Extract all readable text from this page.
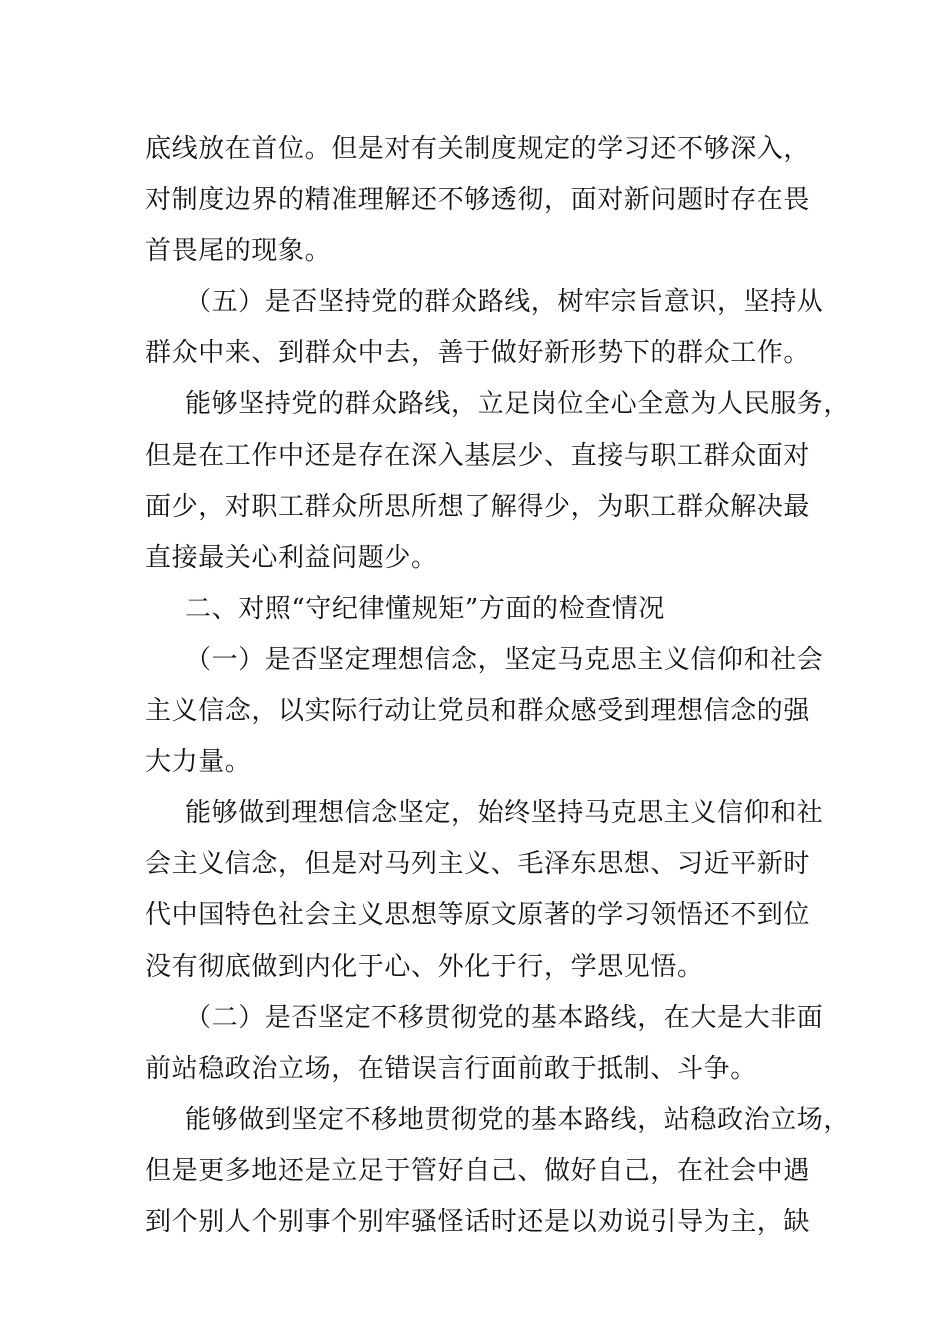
底线放在首位。但是对有关制度规定的学习还不够深入，
对制度边界的精准理解还不够透彻，面对新问题时存在畏
首畏尾的现象。
（五）是否坚持党的群众路线，树牢宗旨意识，坚持从
群众中来、到群众中去，善于做好新形势下的群众工作。
能够坚持党的群众路线，立足岗位全心全意为人民服务，
但是在工作中还是存在深入基层少、直接与职工群众面对
面少，对职工群众所思所想了解得少，为职工群众解决最
直接最关心利益问题少。
二、对照“守纪律懂规矩”方面的检查情况
（一）是否坚定理想信念，坚定马克思主义信仰和社会
主义信念，以实际行动让党员和群众感受到理想信念的强
大力量。
能够做到理想信念坚定，始终坚持马克思主义信仰和社
会主义信念，但是对马列主义、毛泽东思想、习近平新时
代中国特色社会主义思想等原文原著的学习领悟还不到位
没有彻底做到内化于心、外化于行，学思见悟。
（二）是否坚定不移贯彻党的基本路线，在大是大非面
前站稳政治立场，在错误言行面前敢于抵制、斗争。
能够做到坚定不移地贯彻党的基本路线，站稳政治立场，
但是更多地还是立足于管好自己、做好自己，在社会中遇
到个别人个别事个别牢骚怪话时还是以劝说引导为主，缺
